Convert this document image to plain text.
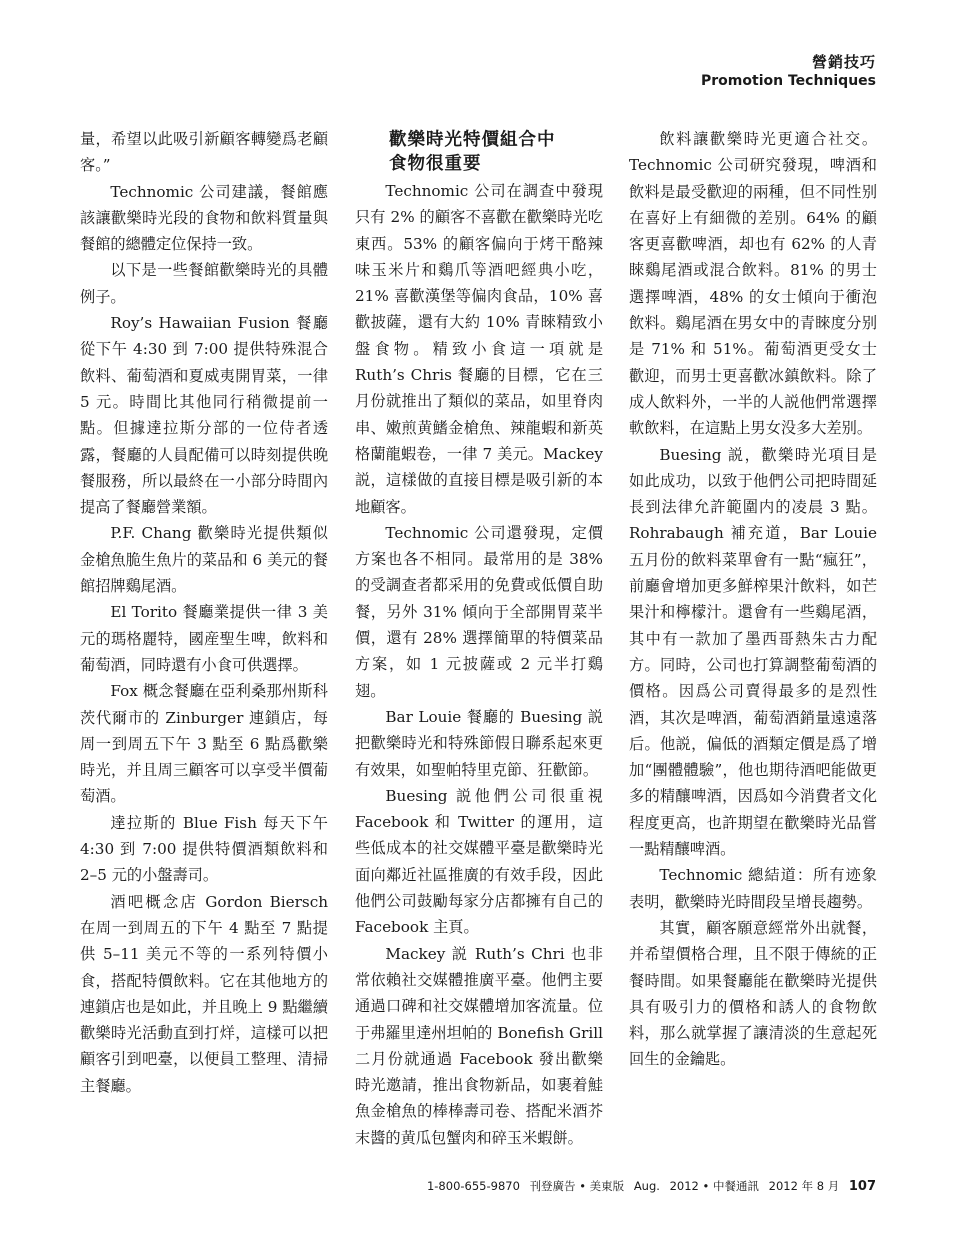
營銷技巧
Promotion Techniques

量，希望以此吸引新顧客轉變爲老顧客。”

Technomic 公司建議，餐館應該讓歡樂時光段的食物和飲料質量與餐館的總體定位保持一致。

以下是一些餐館歡樂時光的具體例子。

Roy’s Hawaiian Fusion 餐廳從下午 4:30 到 7:00 提供特殊混合飲料、葡萄酒和夏威夷開胃菜，一律 5 元。時間比其他同行稍微提前一點。但據達拉斯分部的一位侍者透露，餐廳的人員配備可以時刻提供晚餐服務，所以最終在一小部分時間內提高了餐廳營業額。

P.F. Chang 歡樂時光提供類似金槍魚脆生魚片的菜品和 6 美元的餐館招牌鷄尾酒。

El Torito 餐廳業提供一律 3 美元的瑪格麗特，國産聖生啤，飲料和葡萄酒，同時還有小食可供選擇。

Fox 概念餐廳在亞利桑那州斯科茨代爾市的 Zinburger 連鎖店，每周一到周五下午 3 點至 6 點爲歡樂時光，并且周三顧客可以享受半價葡萄酒。

達拉斯的 Blue Fish 每天下午 4:30 到 7:00 提供特價酒類飲料和 2–5 元的小盤壽司。

酒吧概念店 Gordon Biersch 在周一到周五的下午 4 點至 7 點提供 5–11 美元不等的一系列特價小食，搭配特價飲料。它在其他地方的連鎖店也是如此，并且晚上 9 點繼續歡樂時光活動直到打烊，這樣可以把顧客引到吧臺，以便員工整理、清掃主餐廳。

歡樂時光特價組合中
食物很重要

Technomic 公司在調查中發現只有 2% 的顧客不喜歡在歡樂時光吃東西。53% 的顧客偏向于烤干酪辣味玉米片和鷄爪等酒吧經典小吃，21% 喜歡漢堡等偏肉食品，10% 喜歡披薩，還有大約 10% 青睞精致小盤食物。精致小食這一項就是 Ruth’s Chris 餐廳的目標，它在三月份就推出了類似的菜品，如里脊肉串、嫩煎黄鰭金槍魚、辣龍蝦和新英格蘭龍蝦卷，一律 7 美元。Mackey 説，這樣做的直接目標是吸引新的本地顧客。

Technomic 公司還發現，定價方案也各不相同。最常用的是 38% 的受調查者都采用的免費或低價自助餐，另外 31% 傾向于全部開胃菜半價，還有 28% 選擇簡單的特價菜品方案，如 1 元披薩或 2 元半打鷄翅。

Bar Louie 餐廳的 Buesing 説把歡樂時光和特殊節假日聯系起來更有效果，如聖帕特里克節、狂歡節。

Buesing 説他們公司很重視 Facebook 和 Twitter 的運用，這些低成本的社交媒體平臺是歡樂時光面向鄰近社區推廣的有效手段，因此他們公司鼓勵每家分店都擁有自己的 Facebook 主頁。

Mackey 説 Ruth’s Chri 也非常依賴社交媒體推廣平臺。他們主要通過口碑和社交媒體增加客流量。位于弗羅里達州坦帕的 Bonefish Grill 二月份就通過 Facebook 發出歡樂時光邀請，推出食物新品，如裹着鮭魚金槍魚的棒棒壽司卷、搭配米酒芥末醬的黄瓜包蟹肉和碎玉米蝦餅。

飲料讓歡樂時光更適合社交。Technomic 公司研究發現，啤酒和飲料是最受歡迎的兩種，但不同性别在喜好上有細微的差别。64% 的顧客更喜歡啤酒，却也有 62% 的人青睞鷄尾酒或混合飲料。81% 的男士選擇啤酒，48% 的女士傾向于衝泡飲料。鷄尾酒在男女中的青睞度分别是 71% 和 51%。葡萄酒更受女士歡迎，而男士更喜歡冰鎮飲料。除了成人飲料外，一半的人説他們常選擇軟飲料，在這點上男女没多大差别。

Buesing 説，歡樂時光項目是如此成功，以致于他們公司把時間延長到法律允許範圍内的凌晨 3 點。Rohrabaugh 補充道，Bar Louie 五月份的飲料菜單會有一點“瘋狂”，前廳會增加更多鮮榨果汁飲料，如芒果汁和檸檬汁。還會有一些鷄尾酒，其中有一款加了墨西哥熱朱古力配方。同時，公司也打算調整葡萄酒的價格。因爲公司賣得最多的是烈性酒，其次是啤酒，葡萄酒銷量遠遠落后。他説，偏低的酒類定價是爲了增加“團體體驗”，他也期待酒吧能做更多的精釀啤酒，因爲如今消費者文化程度更高，也許期望在歡樂時光品嘗一點精釀啤酒。

Technomic 總結道：所有迹象表明，歡樂時光時間段呈增長趨勢。

其實，顧客願意經常外出就餐，并希望價格合理，且不限于傳統的正餐時間。如果餐廳能在歡樂時光提供具有吸引力的價格和誘人的食物飲料，那么就掌握了讓清淡的生意起死回生的金鑰匙。

1-800-655-9870 刊登廣告 • 美東版 Aug. 2012 • 中餐通訊 2012 年 8 月 107
